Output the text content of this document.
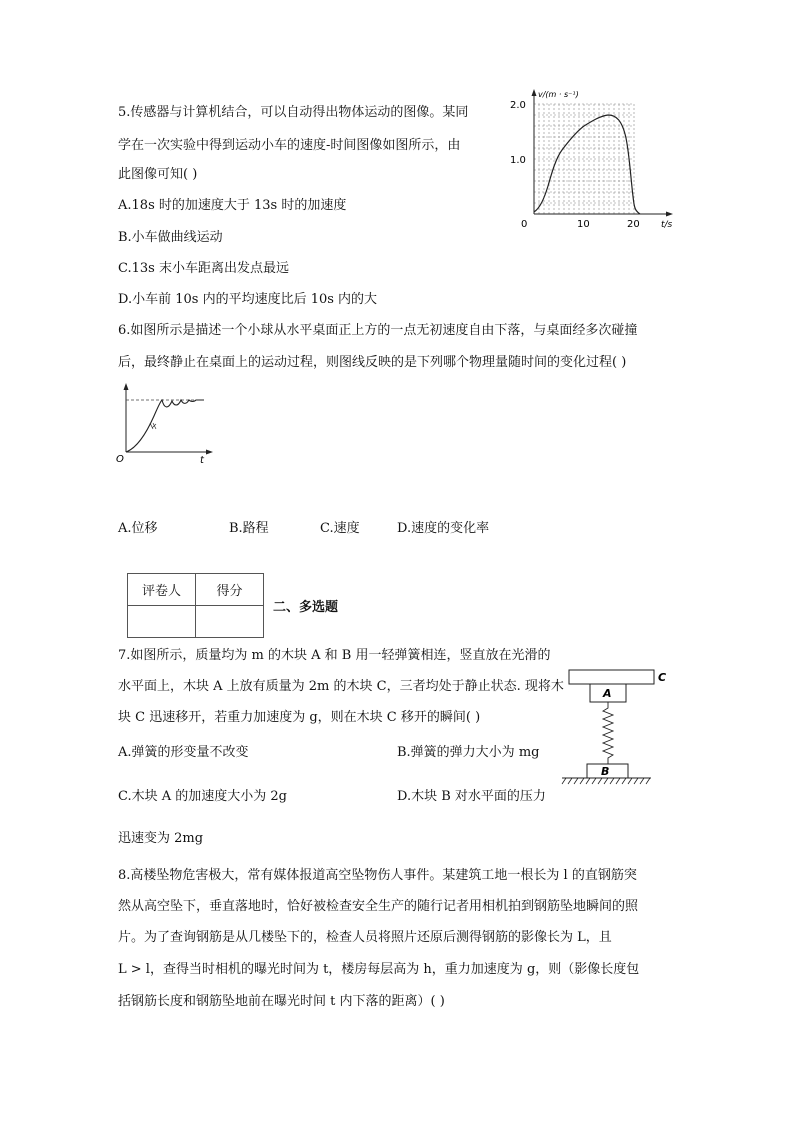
5.传感器与计算机结合，可以自动得出物体运动的图像。某同
学在一次实验中得到运动小车的速度-时间图像如图所示，由
此图像可知( )
A.18s 时的加速度大于 13s 时的加速度
B.小车做曲线运动
C.13s 末小车距离出发点最远
D.小车前 10s 内的平均速度比后 10s 内的大
v/(m · s⁻¹)
2.0
1.0
0	10	20 t/s
6.如图所示是描述一个小球从水平桌面正上方的一点无初速度自由下落，与桌面经多次碰撞
后，最终静止在桌面上的运动过程，则图线反映的是下列哪个物理量随时间的变化过程( )
O	t
A.位移	B.路程	C.速度	D.速度的变化率
评卷人	得分

二、多选题
7.如图所示，质量均为 m 的木块 A 和 B 用一轻弹簧相连，竖直放在光滑的
水平面上，木块 A 上放有质量为 2m 的木块 C，三者均处于静止状态. 现将木
块 C 迅速移开，若重力加速度为 g，则在木块 C 移开的瞬间( )
A.弹簧的形变量不改变	B.弹簧的弹力大小为 mg
C.木块 A 的加速度大小为 2g	D.木块 B 对水平面的压力
迅速变为 2mg
C
A
B
8.高楼坠物危害极大，常有媒体报道高空坠物伤人事件。某建筑工地一根长为 l 的直钢筋突
然从高空坠下，垂直落地时，恰好被检查安全生产的随行记者用相机拍到钢筋坠地瞬间的照
片。为了查询钢筋是从几楼坠下的，检查人员将照片还原后测得钢筋的影像长为 L，且
L > l，查得当时相机的曝光时间为 t，楼房每层高为 h，重力加速度为 g，则（影像长度包
括钢筋长度和钢筋坠地前在曝光时间 t 内下落的距离）( )
